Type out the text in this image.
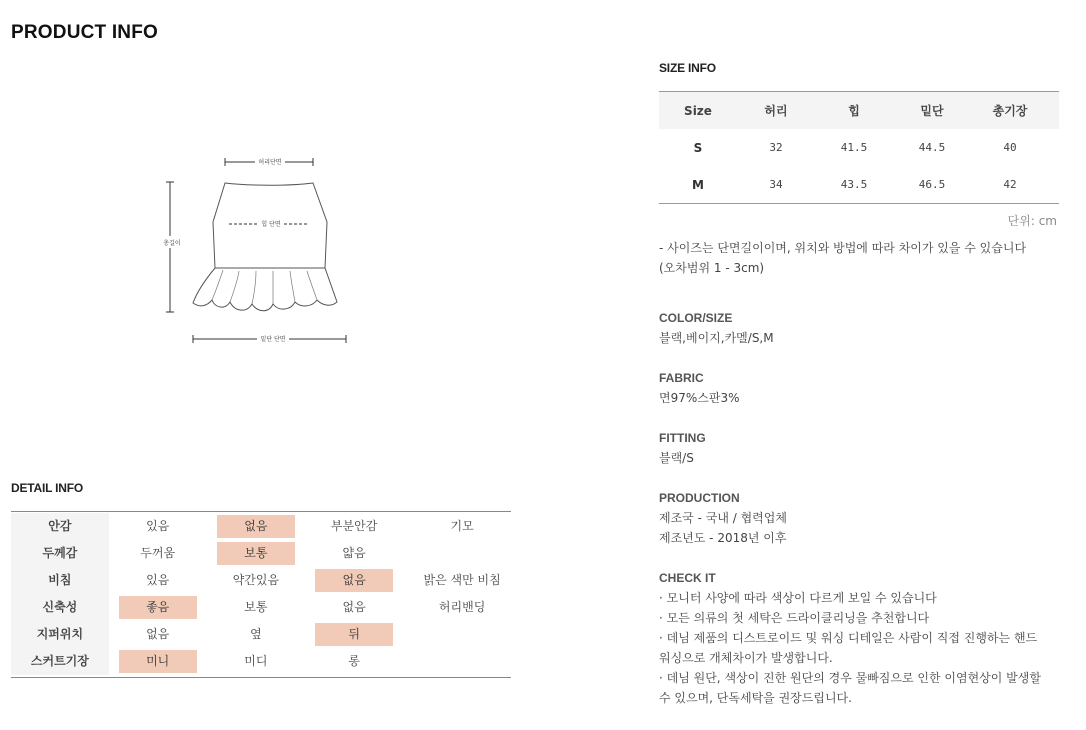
PRODUCT INFO
허리단면
총길이
힙 단면
밑단 단면
DETAIL INFO
안감	있음	없음	부분안감	기모
두께감	두꺼움	보통	얇음
비침	있음	약간있음	없음	밝은 색만 비침
신축성	좋음	보통	없음	허리밴딩
지퍼위치	없음	옆	뒤
스커트기장	미니	미디	롱
SIZE INFO
Size	허리	힙	밑단	총기장
S	32	41.5	44.5	40
M	34	43.5	46.5	42
단위: cm
- 사이즈는 단면길이이며, 위치와 방법에 따라 차이가 있을 수 있습니다
(오차범위 1 - 3cm)
COLOR/SIZE
블랙,베이지,카멜/S,M
FABRIC
면97%스판3%
FITTING
블랙/S
PRODUCTION
제조국 - 국내 / 협력업체
제조년도 - 2018년 이후
CHECK IT
· 모니터 사양에 따라 색상이 다르게 보일 수 있습니다
· 모든 의류의 첫 세탁은 드라이클리닝을 추천합니다
· 데님 제품의 디스트로이드 및 워싱 디테일은 사람이 직접 진행하는 핸드
워싱으로 개체차이가 발생합니다.
· 데님 원단, 색상이 진한 원단의 경우 물빠짐으로 인한 이염현상이 발생할
수 있으며, 단독세탁을 권장드립니다.
